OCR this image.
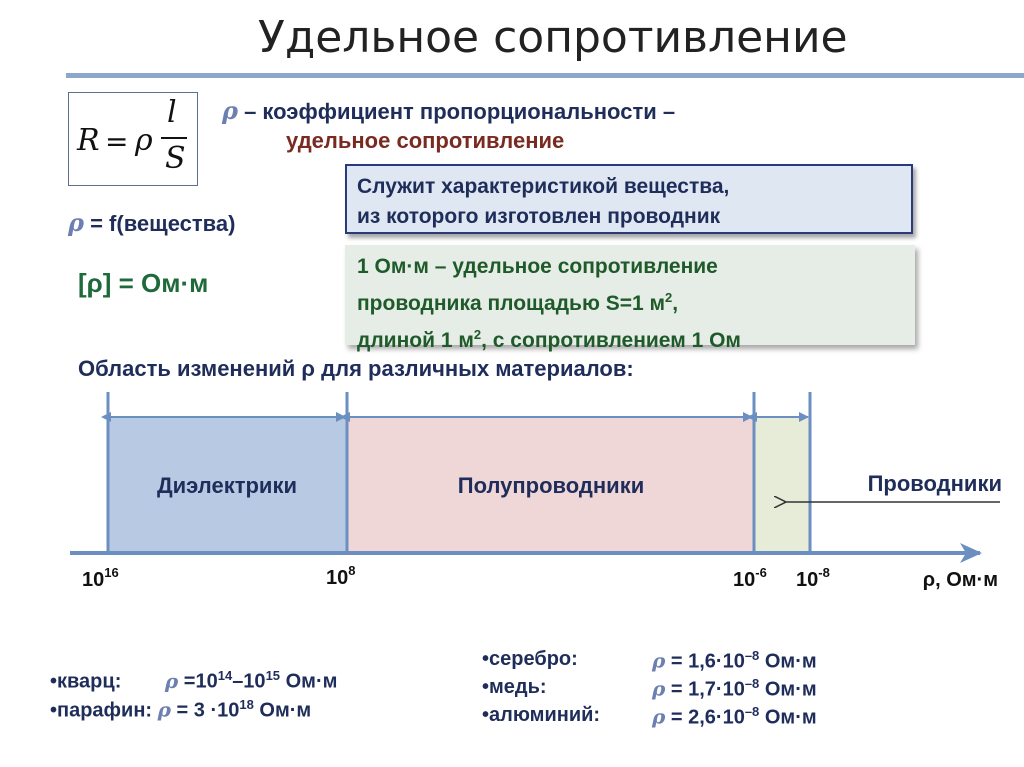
Удельное сопротивление
R = ρ
l
S
ρ – коэффициент пропорциональности –
удельное сопротивление
ρ = f(вещества)
[ρ] = Ом·м
Служит характеристикой вещества,
из которого изготовлен проводник
1 Ом·м – удельное сопротивление
проводника площадью S=1 $м^2$,
длиной 1 $м^2$, с сопротивлением 1 Ом
Область изменений ρ для различных материалов:
Диэлектрики	Полупроводники	Проводники
$10^{16}$	$10^8$	$10^{-6}$ $10^{-8}$	ρ, Ом·м
•кварц: $\rho =10^{14}-10^{15}$ Ом·м
•парафин: $\rho = 3 \cdot 10^{18}$ Ом·м
•серебро:	$\rho = 1,6\cdot 10^{-8}$ Ом·м
•медь:	$\rho = 1,7\cdot 10^{-8}$ Ом·м
•алюминий:	$\rho = 2,6\cdot 10^{-8}$ Ом·м
